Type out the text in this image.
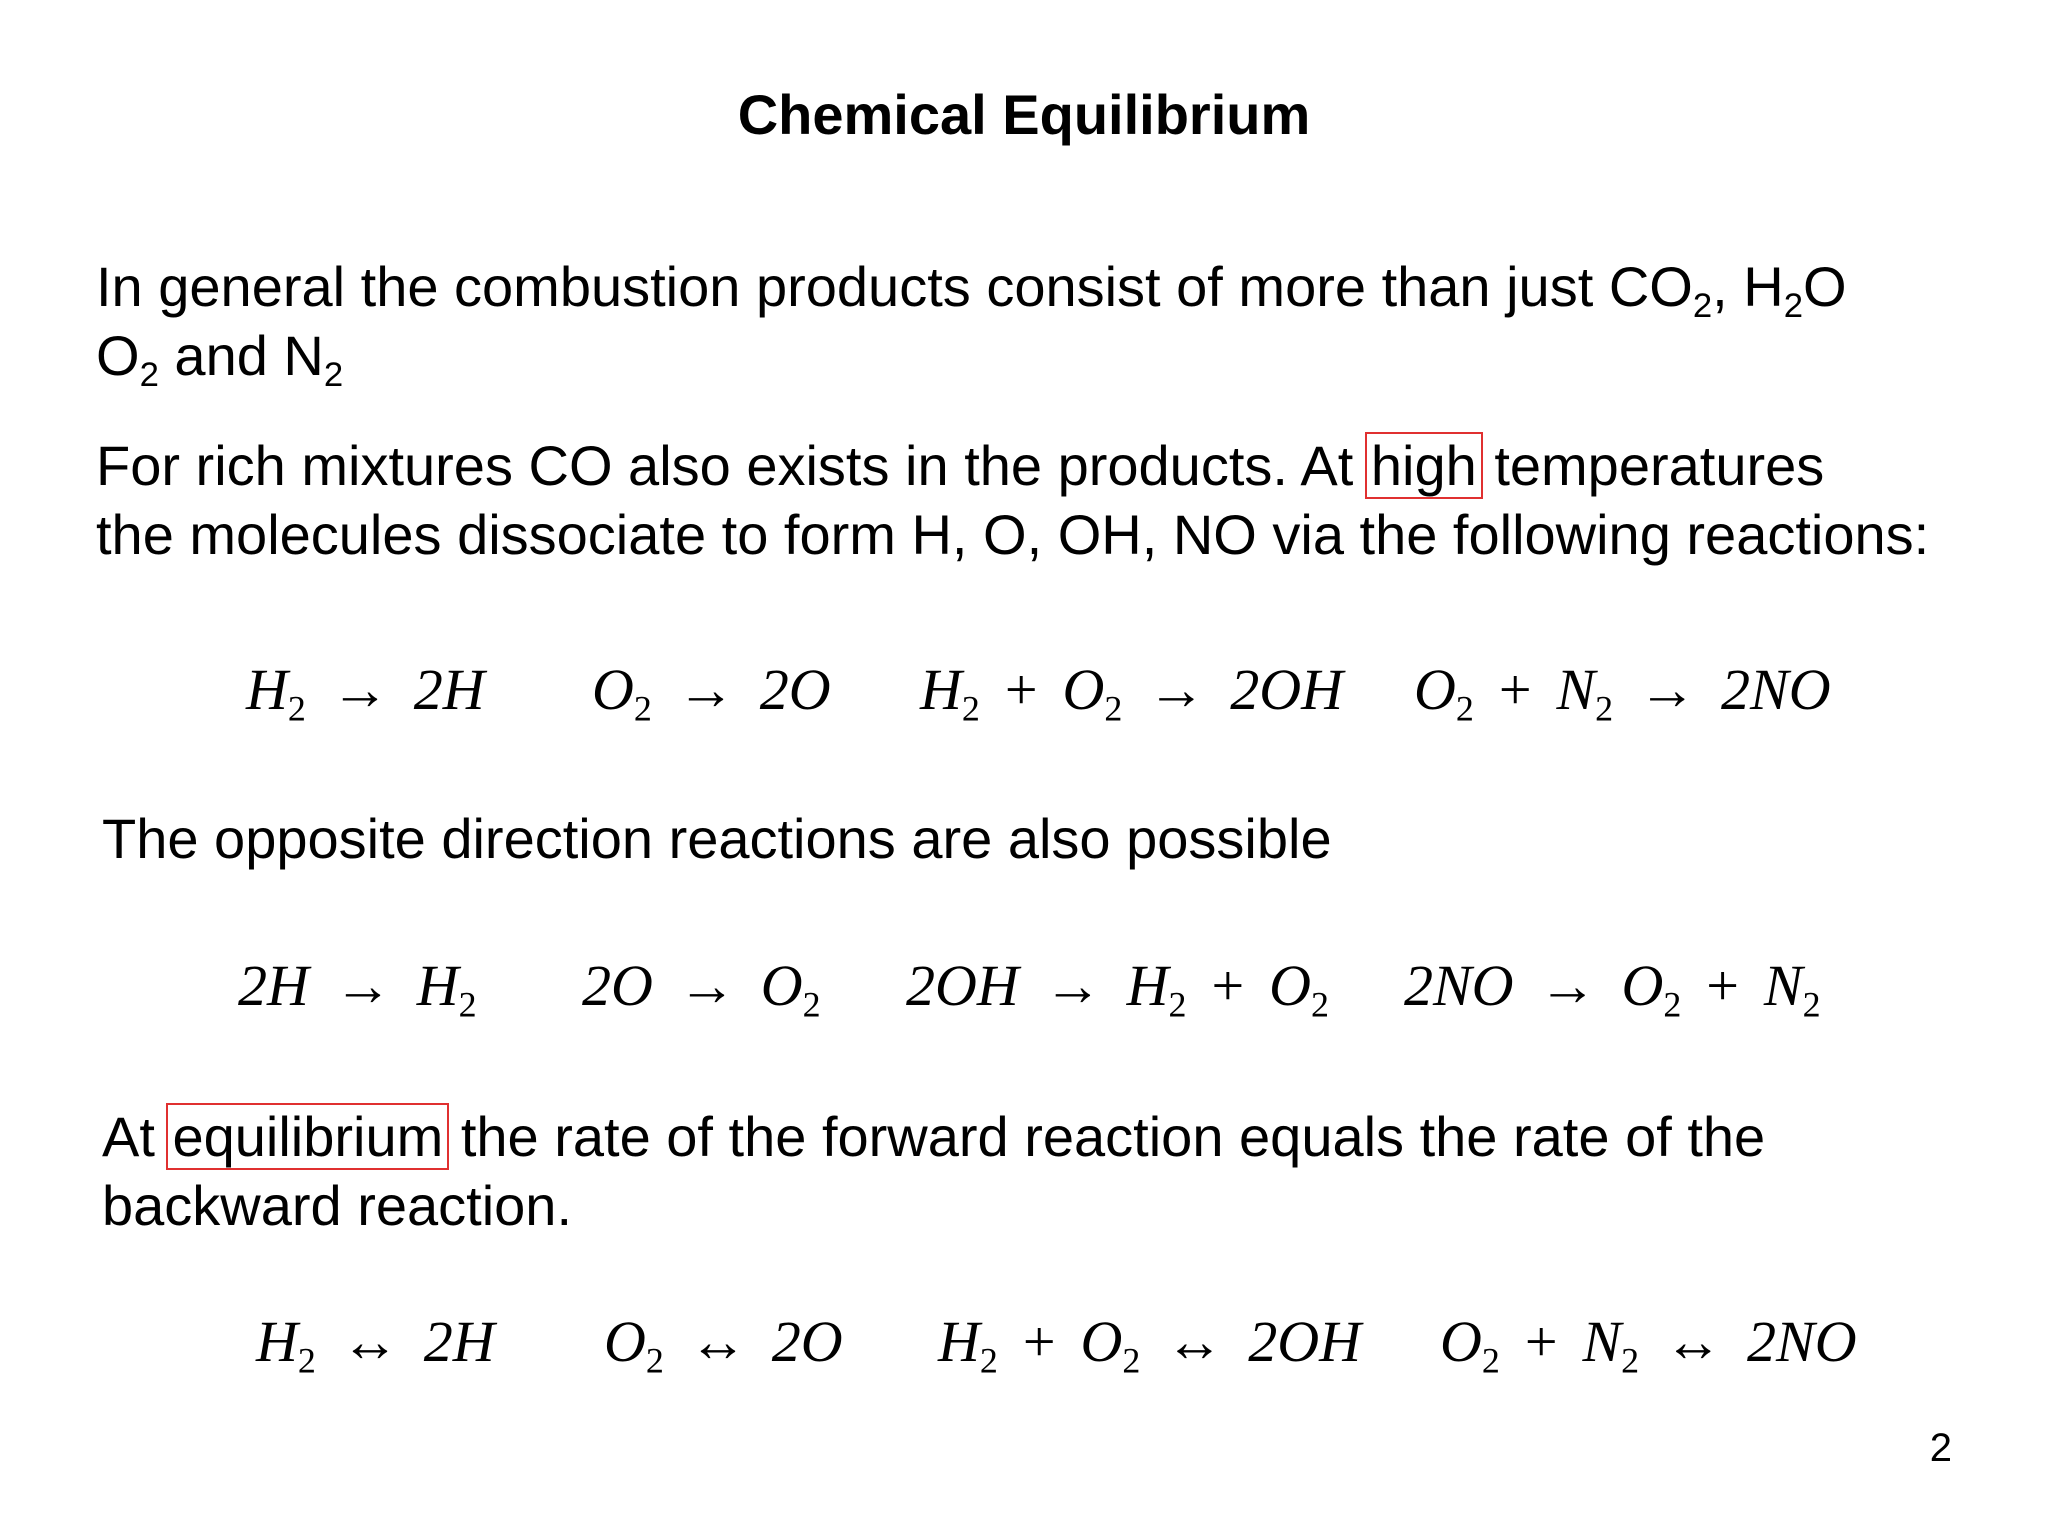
Chemical Equilibrium
In general the combustion products consist of more than just $CO_2$, $H_2O$
$O_2$ and $N_2$
For rich mixtures CO also exists in the products. At high temperatures
the molecules dissociate to form H, O, OH, NO via the following reactions:
$H_2 \to 2H$ $O_2 \to 2O$ $H_2 + O_2 \to 2OH$ $O_2 + N_2 \to 2NO$
The opposite direction reactions are also possible
$2H \to H_2$ $2O \to O_2$ $2OH \to H_2 + O_2$ $2NO \to O_2 + N_2$
At equilibrium the rate of the forward reaction equals the rate of the
backward reaction.
$H_2$ ↔ 2H $O_2$ ↔ 2O $H_2 + O_2$ ↔ 2OH $O_2 + N_2$ ↔ 2NO
2
